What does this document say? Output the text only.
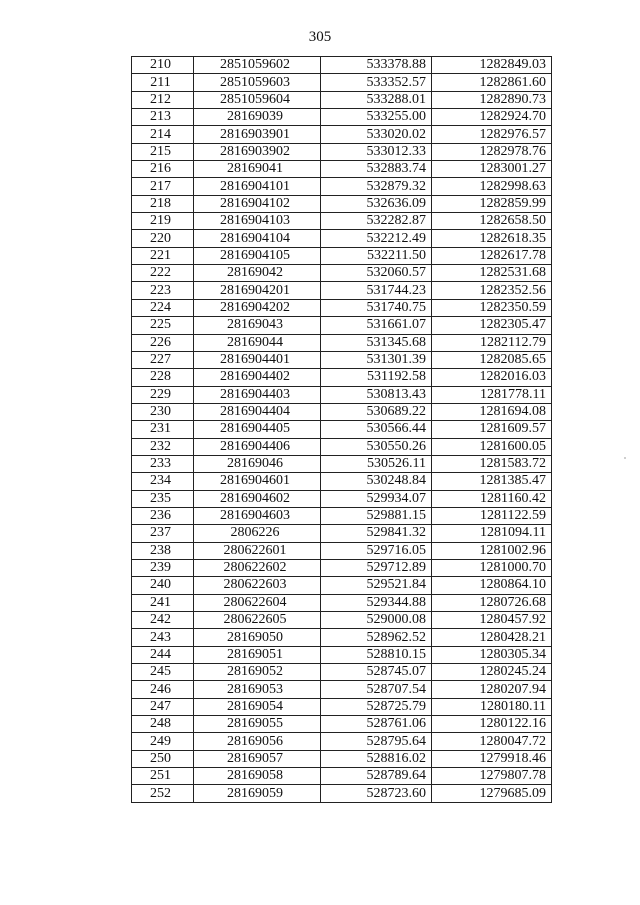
305
210	2851059602	533378.88	1282849.03
211	2851059603	533352.57	1282861.60
212	2851059604	533288.01	1282890.73
213	28169039	533255.00	1282924.70
214	2816903901	533020.02	1282976.57
215	2816903902	533012.33	1282978.76
216	28169041	532883.74	1283001.27
217	2816904101	532879.32	1282998.63
218	2816904102	532636.09	1282859.99
219	2816904103	532282.87	1282658.50
220	2816904104	532212.49	1282618.35
221	2816904105	532211.50	1282617.78
222	28169042	532060.57	1282531.68
223	2816904201	531744.23	1282352.56
224	2816904202	531740.75	1282350.59
225	28169043	531661.07	1282305.47
226	28169044	531345.68	1282112.79
227	2816904401	531301.39	1282085.65
228	2816904402	531192.58	1282016.03
229	2816904403	530813.43	1281778.11
230	2816904404	530689.22	1281694.08
231	2816904405	530566.44	1281609.57
232	2816904406	530550.26	1281600.05
233	28169046	530526.11	1281583.72
234	2816904601	530248.84	1281385.47
235	2816904602	529934.07	1281160.42
236	2816904603	529881.15	1281122.59
237	2806226	529841.32	1281094.11
238	280622601	529716.05	1281002.96
239	280622602	529712.89	1281000.70
240	280622603	529521.84	1280864.10
241	280622604	529344.88	1280726.68
242	280622605	529000.08	1280457.92
243	28169050	528962.52	1280428.21
244	28169051	528810.15	1280305.34
245	28169052	528745.07	1280245.24
246	28169053	528707.54	1280207.94
247	28169054	528725.79	1280180.11
248	28169055	528761.06	1280122.16
249	28169056	528795.64	1280047.72
250	28169057	528816.02	1279918.46
251	28169058	528789.64	1279807.78
252	28169059	528723.60	1279685.09
